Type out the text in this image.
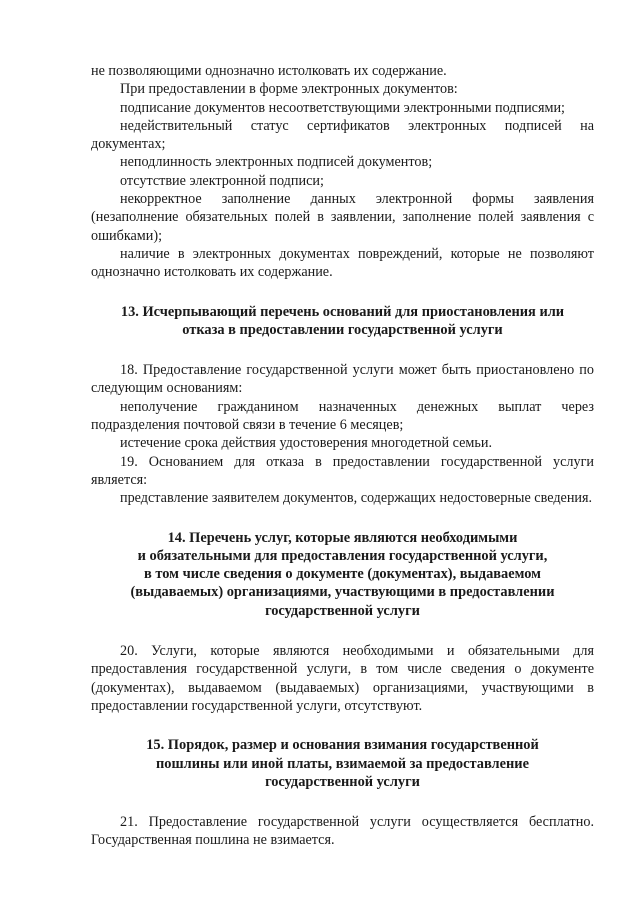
не позволяющими однозначно истолковать их содержание.

При предоставлении в форме электронных документов:

подписание документов несоответствующими электронными подписями;

недействительный статус сертификатов электронных подписей на документах;

неподлинность электронных подписей документов;

отсутствие электронной подписи;

некорректное заполнение данных электронной формы заявления (незаполнение обязательных полей в заявлении, заполнение полей заявления с ошибками);

наличие в электронных документах повреждений, которые не позволяют однозначно истолковать их содержание.

13. Исчерпывающий перечень оснований для приостановления или
отказа в предоставлении государственной услуги

18. Предоставление государственной услуги может быть приостановлено по следующим основаниям:

неполучение гражданином назначенных денежных выплат через подразделения почтовой связи в течение 6 месяцев;

истечение срока действия удостоверения многодетной семьи.

19. Основанием для отказа в предоставлении государственной услуги является:

представление заявителем документов, содержащих недостоверные сведения.

14. Перечень услуг, которые являются необходимыми
и обязательными для предоставления государственной услуги,
в том числе сведения о документе (документах), выдаваемом
(выдаваемых) организациями, участвующими в предоставлении
государственной услуги

20. Услуги, которые являются необходимыми и обязательными для предоставления государственной услуги, в том числе сведения о документе (документах), выдаваемом (выдаваемых) организациями, участвующими в предоставлении государственной услуги, отсутствуют.

15. Порядок, размер и основания взимания государственной
пошлины или иной платы, взимаемой за предоставление
государственной услуги

21. Предоставление государственной услуги осуществляется бесплатно. Государственная пошлина не взимается.
